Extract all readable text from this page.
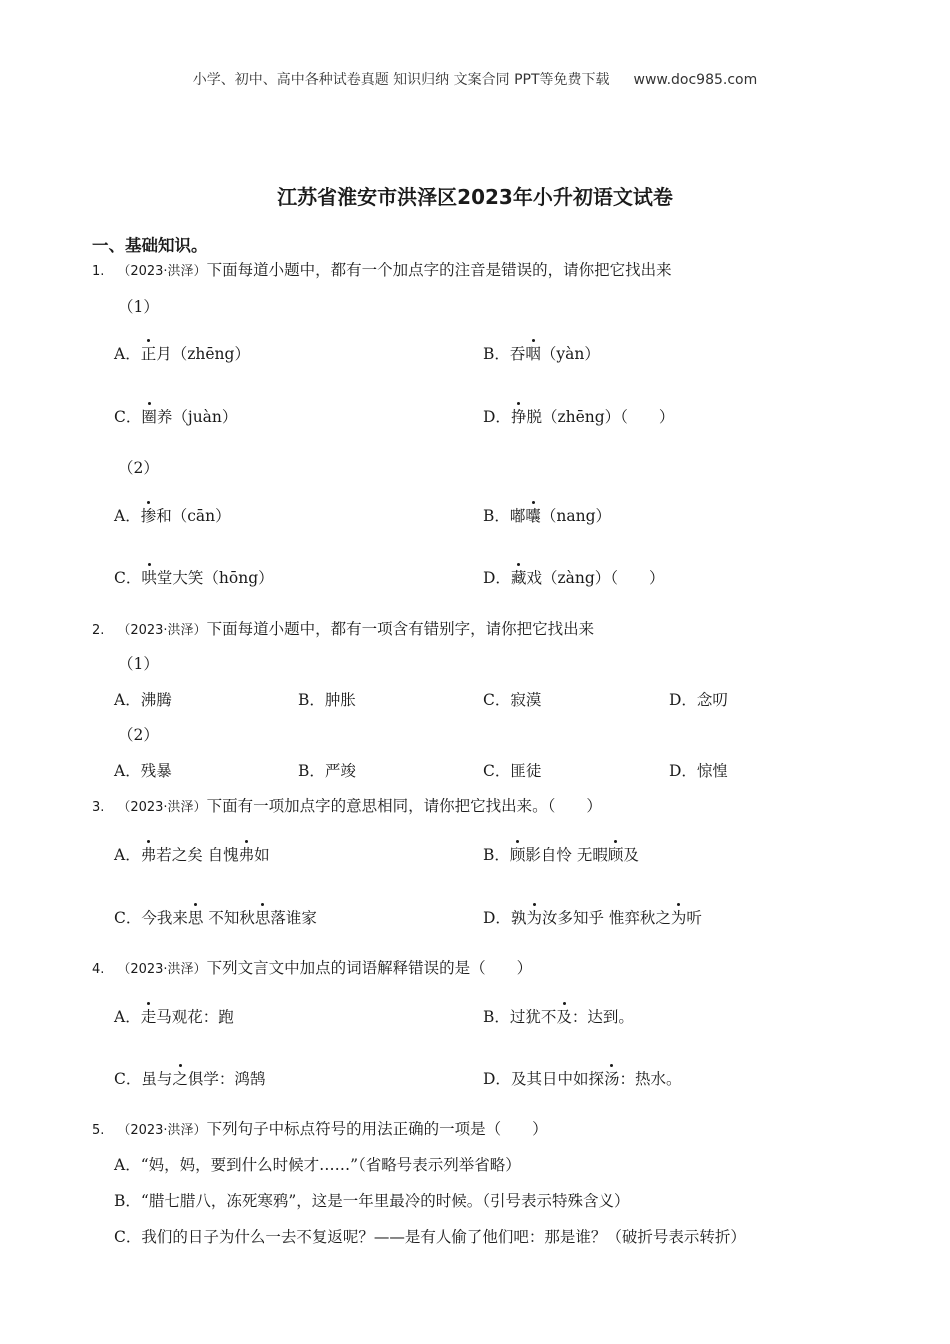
小学、初中、高中各种试卷真题 知识归纳 文案合同 PPT等免费下载 www.doc985.com
江苏省淮安市洪泽区2023年小升初语文试卷
一、基础知识。
1. （2023·洪泽）下面每道小题中，都有一个加点字的注音是错误的，请你把它找出来
（1）
A．正月（zhēng）	B．吞咽（yàn）
C．圈养（juàn）	D．挣脱（zhēng）（　　）
（2）
A．掺和（cān）	B．嘟囔（nang）
C．哄堂大笑（hōng）	D．藏戏（zàng）（　　）
2. （2023·洪泽）下面每道小题中，都有一项含有错别字，请你把它找出来
（1）
A．沸腾	B．肿胀	C．寂漠	D．念叨
（2）
A．残暴	B．严竣	C．匪徒	D．惊惶
3. （2023·洪泽）下面有一项加点字的意思相同，请你把它找出来。（　　）
A．弗若之矣 自愧弗如	B．顾影自怜 无暇顾及
C．今我来思 不知秋思落谁家	D．孰为汝多知乎 惟弈秋之为听
4. （2023·洪泽）下列文言文中加点的词语解释错误的是（　　）
A．走马观花：跑	B．过犹不及：达到。
C．虽与之俱学：鸿鹄	D．及其日中如探汤：热水。
5. （2023·洪泽）下列句子中标点符号的用法正确的一项是（　　）
A．“妈，妈，要到什么时候才……”（省略号表示列举省略）
B．“腊七腊八，冻死寒鸦”，这是一年里最冷的时候。（引号表示特殊含义）
C．我们的日子为什么一去不复返呢？——是有人偷了他们吧：那是谁？（破折号表示转折）
